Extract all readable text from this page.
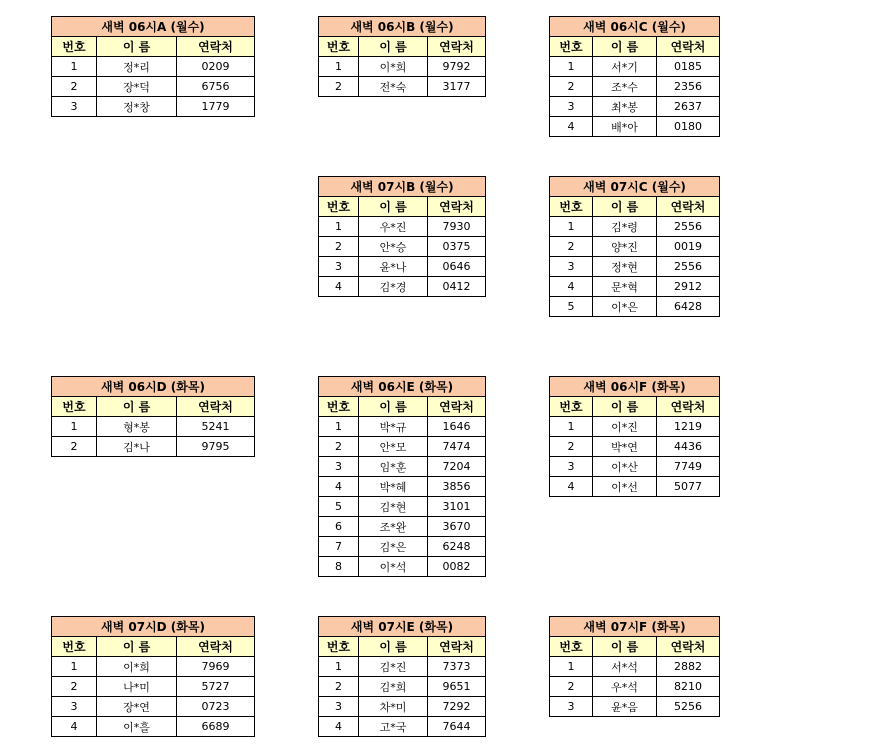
새벽 06시A (월수)		
번호	이 름	연락처
1	정*리	0209
2	장*덕	6756
3	정*창	1779
새벽 06시B (월수)		
번호	이 름	연락처
1	이*희	9792
2	전*숙	3177
새벽 06시C (월수)		
번호	이 름	연락처
1	서*기	0185
2	조*수	2356
3	최*봉	2637
4	배*아	0180
새벽 07시B (월수)		
번호	이 름	연락처
1	우*진	7930
2	안*승	0375
3	윤*나	0646
4	김*경	0412
새벽 07시C (월수)		
번호	이 름	연락처
1	김*령	2556
2	양*진	0019
3	정*현	2556
4	문*혁	2912
5	이*은	6428
새벽 06시D (화목)		
번호	이 름	연락처
1	형*봉	5241
2	김*나	9795
새벽 06시E (화목)		
번호	이 름	연락처
1	박*규	1646
2	안*모	7474
3	임*훈	7204
4	박*혜	3856
5	김*현	3101
6	조*완	3670
7	김*은	6248
8	이*석	0082
새벽 06시F (화목)		
번호	이 름	연락처
1	이*진	1219
2	박*연	4436
3	이*산	7749
4	이*선	5077
새벽 07시D (화목)		
번호	이 름	연락처
1	이*희	7969
2	나*미	5727
3	장*연	0723
4	이*흘	6689
새벽 07시E (화목)		
번호	이 름	연락처
1	김*진	7373
2	김*희	9651
3	차*미	7292
4	고*국	7644
새벽 07시F (화목)		
번호	이 름	연락처
1	서*석	2882
2	우*석	8210
3	윤*음	5256
